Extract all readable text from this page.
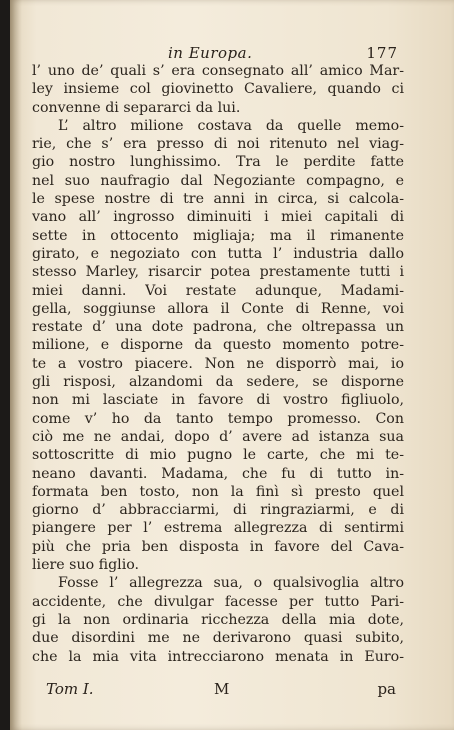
in Europa.	177
l’ uno de’ quali s’ era consegnato all’ amico Mar-
ley insieme col giovinetto Cavaliere, quando ci
convenne di separarci da lui.
L’ altro milione costava da quelle memo-
rie, che s’ era presso di noi ritenuto nel viag-
gio nostro lunghissimo. Tra le perdite fatte
nel suo naufragio dal Negoziante compagno, e
le spese nostre di tre anni in circa, si calcola-
vano all’ ingrosso diminuiti i miei capitali di
sette in ottocento migliaja; ma il rimanente
girato, e negoziato con tutta l’ industria dallo
stesso Marley, risarcir potea prestamente tutti i
miei danni. Voi restate adunque, Madami-
gella, soggiunse allora il Conte di Renne, voi
restate d’ una dote padrona, che oltrepassa un
milione, e disporne da questo momento potre-
te a vostro piacere. Non ne disporrò mai, io
gli risposi, alzandomi da sedere, se disporne
non mi lasciate in favore di vostro figliuolo,
come v’ ho da tanto tempo promesso. Con
ciò me ne andai, dopo d’ avere ad istanza sua
sottoscritte di mio pugno le carte, che mi te-
neano davanti. Madama, che fu di tutto in-
formata ben tosto, non la finì sì presto quel
giorno d’ abbracciarmi, di ringraziarmi, e di
piangere per l’ estrema allegrezza di sentirmi
più che pria ben disposta in favore del Cava-
liere suo figlio.
Fosse l’ allegrezza sua, o qualsivoglia altro
accidente, che divulgar facesse per tutto Pari-
gi la non ordinaria ricchezza della mia dote,
due disordini me ne derivarono quasi subito,
che la mia vita intrecciarono menata in Euro-
Tom I.	M	pa
